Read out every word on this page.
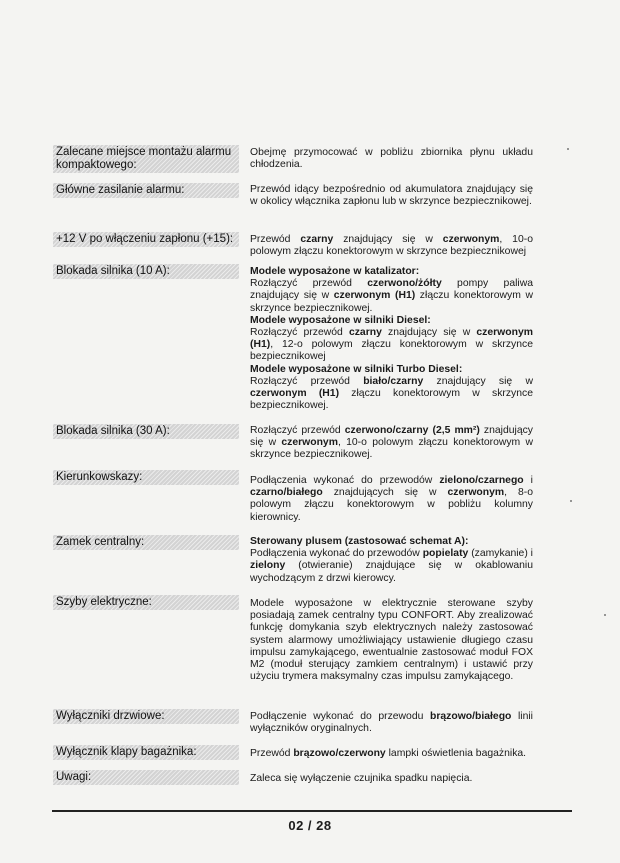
Zalecane miejsce montażu alarmu kompaktowego:
Obejmę przymocować w pobliżu zbiornika płynu układu chłodzenia.
Główne zasilanie alarmu:	Przewód idący bezpośrednio od akumulatora znajdujący się w okolicy włącznika zapłonu lub w skrzynce bezpiecznikowej.
+12 V po włączeniu zapłonu (+15):	Przewód czarny znajdujący się w czerwonym, 10-o polowym złączu konektorowym w skrzynce bezpiecznikowej
Blokada silnika (10 A):	Modele wyposażone w katalizator:
Rozłączyć przewód czerwono/żółty pompy paliwa znajdujący się w czerwonym (H1) złączu konektorowym w skrzynce bezpiecznikowej.
Modele wyposażone w silniki Diesel:
Rozłączyć przewód czarny znajdujący się w czerwonym (H1), 12-o polowym złączu konektorowym w skrzynce bezpiecznikowej
Modele wyposażone w silniki Turbo Diesel:
Rozłączyć przewód biało/czarny znajdujący się w czerwonym (H1) złączu konektorowym w skrzynce bezpiecznikowej.
Blokada silnika (30 A):	Rozłączyć przewód czerwono/czarny (2,5 mm²) znajdujący się w czerwonym, 10-o polowym złączu konektorowym w skrzynce bezpiecznikowej.
Kierunkowskazy:	Podłączenia wykonać do przewodów zielono/czarnego i czarno/białego znajdujących się w czerwonym, 8-o polowym złączu konektorowym w pobliżu kolumny kierownicy.
Zamek centralny:	Sterowany plusem (zastosować schemat A):
Podłączenia wykonać do przewodów popielaty (zamykanie) i zielony (otwieranie) znajdujące się w okablowaniu wychodzącym z drzwi kierowcy.
Szyby elektryczne:	Modele wyposażone w elektrycznie sterowane szyby posiadają zamek centralny typu CONFORT. Aby zrealizować funkcję domykania szyb elektrycznych należy zastosować system alarmowy umożliwiający ustawienie długiego czasu impulsu zamykającego, ewentualnie zastosować moduł FOX M2 (moduł sterujący zamkiem centralnym) i ustawić przy użyciu trymera maksymalny czas impulsu zamykającego.
Wyłączniki drzwiowe:	Podłączenie wykonać do przewodu brązowo/białego linii wyłączników oryginalnych.
Wyłącznik klapy bagażnika:	Przewód brązowo/czerwony lampki oświetlenia bagażnika.
Uwagi:	Zaleca się wyłączenie czujnika spadku napięcia.
02 / 28
